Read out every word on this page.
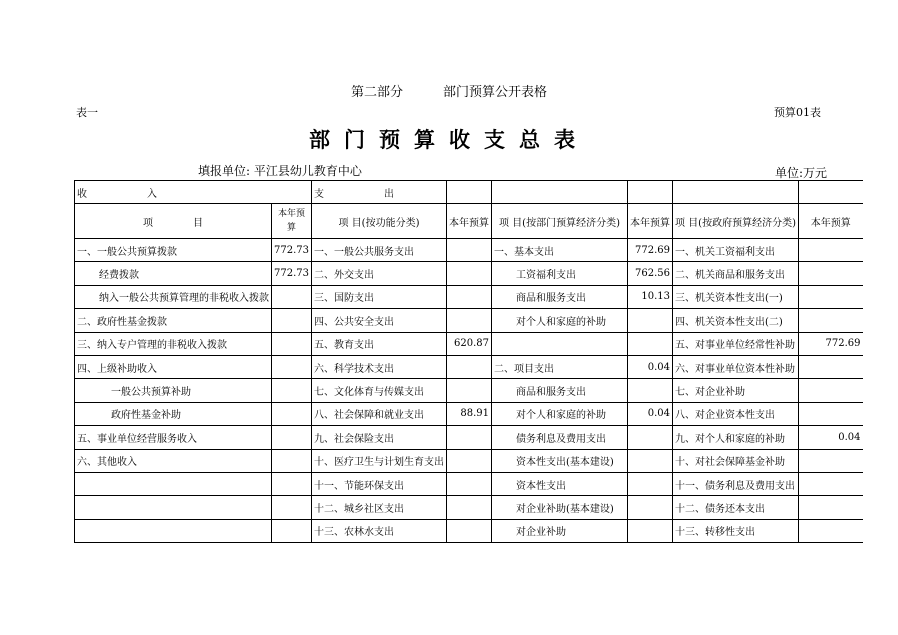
第二部分	部门预算公开表格
表一	预算01表
部门预算收支总表
填报单位: 平江县幼儿教育中心	单位:万元
收　　　　　　入		支　　　　　　出					
项　　　　目	本年预算	项 目(按功能分类)	本年预算	项 目(按部门预算经济分类)	本年预算	项 目(按政府预算经济分类)	本年预算
一、一般公共预算拨款	772.73	一、一般公共服务支出		一、基本支出	772.69	一、机关工资福利支出	
经费拨款	772.73	二、外交支出		工资福利支出	762.56	二、机关商品和服务支出	
纳入一般公共预算管理的非税收入拨款		三、国防支出		商品和服务支出	10.13	三、机关资本性支出(一)	
二、政府性基金拨款		四、公共安全支出		对个人和家庭的补助		四、机关资本性支出(二)	
三、纳入专户管理的非税收入拨款		五、教育支出	620.87			五、对事业单位经常性补助	772.69
四、上级补助收入		六、科学技术支出		二、项目支出	0.04	六、对事业单位资本性补助	
一般公共预算补助		七、文化体育与传媒支出		商品和服务支出		七、对企业补助	
政府性基金补助		八、社会保障和就业支出	88.91	对个人和家庭的补助	0.04	八、对企业资本性支出	
五、事业单位经营服务收入		九、社会保险支出		债务利息及费用支出		九、对个人和家庭的补助	0.04
六、其他收入		十、医疗卫生与计划生育支出		资本性支出(基本建设)		十、对社会保障基金补助	
		十一、节能环保支出		资本性支出		十一、债务利息及费用支出	
		十二、城乡社区支出		对企业补助(基本建设)		十二、债务还本支出	
		十三、农林水支出		对企业补助		十三、转移性支出	
